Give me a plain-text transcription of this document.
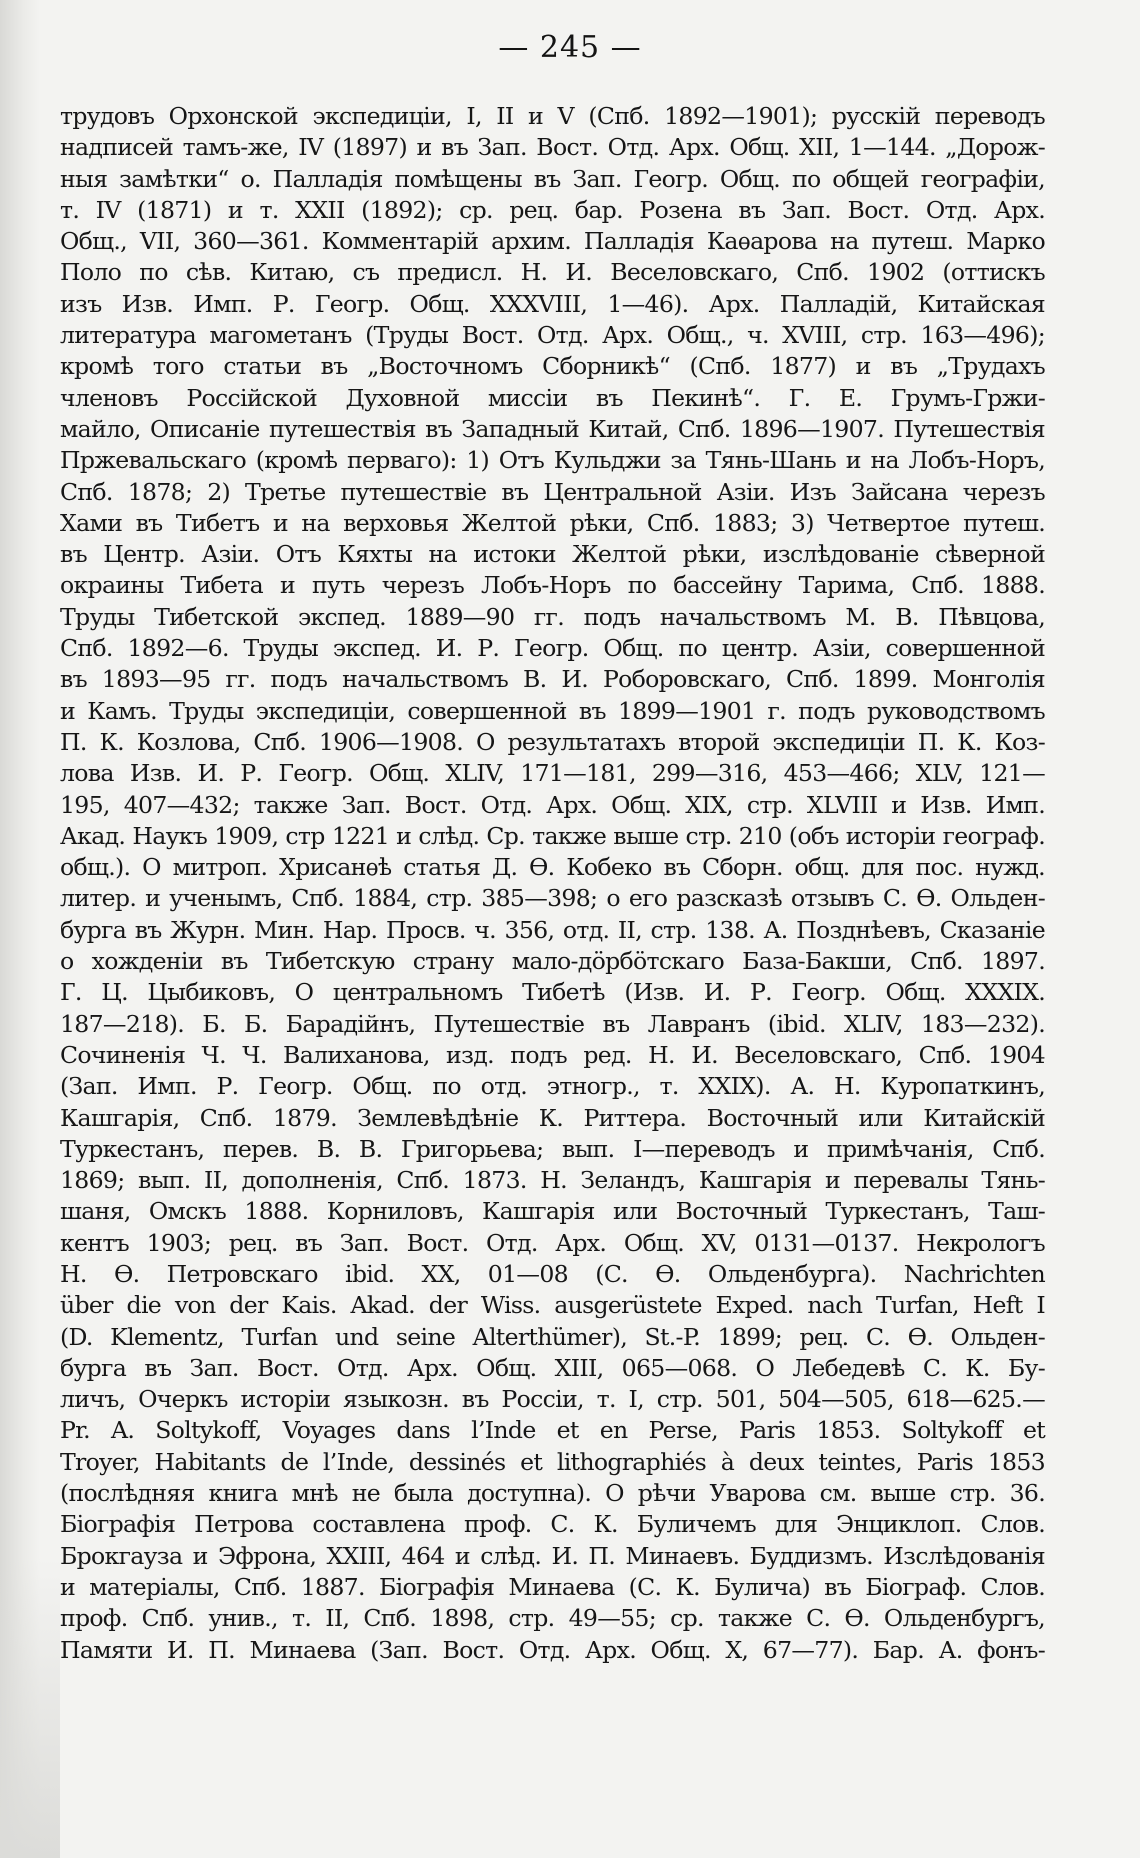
— 245 —
трудовъ Орхонской экспедиціи, I, II и V (Спб. 1892—1901); русскій переводъ
надписей тамъ-же, IV (1897) и въ Зап. Вост. Отд. Арх. Общ. XII, 1—144. „Дорож-
ныя замѣтки“ о. Палладія помѣщены въ Зап. Геогр. Общ. по общей географіи,
т. IV (1871) и т. XXII (1892); ср. рец. бар. Розена въ Зап. Вост. Отд. Арх.
Общ., VII, 360—361. Комментарій архим. Палладія Каѳарова на путеш. Марко
Поло по сѣв. Китаю, съ предисл. Н. И. Веселовскаго, Спб. 1902 (оттискъ
изъ Изв. Имп. Р. Геогр. Общ. XXXVIII, 1—46). Арх. Палладій, Китайская
литература магометанъ (Труды Вост. Отд. Арх. Общ., ч. XVIII, стр. 163—496);
кромѣ того статьи въ „Восточномъ Сборникѣ“ (Спб. 1877) и въ „Трудахъ
членовъ Россійской Духовной миссіи въ Пекинѣ“. Г. Е. Грумъ-Гржи-
майло, Описаніе путешествія въ Западный Китай, Спб. 1896—1907. Путешествія
Пржевальскаго (кромѣ перваго): 1) Отъ Кульджи за Тянь-Шань и на Лобъ-Норъ,
Спб. 1878; 2) Третье путешествіе въ Центральной Азіи. Изъ Зайсана черезъ
Хами въ Тибетъ и на верховья Желтой рѣки, Спб. 1883; 3) Четвертое путеш.
въ Центр. Азіи. Отъ Кяхты на истоки Желтой рѣки, изслѣдованіе сѣверной
окраины Тибета и путь черезъ Лобъ-Норъ по бассейну Тарима, Спб. 1888.
Труды Тибетской экспед. 1889—90 гг. подъ начальствомъ М. В. Пѣвцова,
Спб. 1892—6. Труды экспед. И. Р. Геогр. Общ. по центр. Азіи, совершенной
въ 1893—95 гг. подъ начальствомъ В. И. Роборовскаго, Спб. 1899. Монголія
и Камъ. Труды экспедиціи, совершенной въ 1899—1901 г. подъ руководствомъ
П. К. Козлова, Спб. 1906—1908. О результатахъ второй экспедиціи П. К. Коз-
лова Изв. И. Р. Геогр. Общ. XLIV, 171—181, 299—316, 453—466; XLV, 121—
195, 407—432; также Зап. Вост. Отд. Арх. Общ. XIX, стр. XLVIII и Изв. Имп.
Акад. Наукъ 1909, стр 1221 и слѣд. Ср. также выше стр. 210 (объ исторіи географ.
общ.). О митроп. Хрисанѳѣ статья Д. Ѳ. Кобеко въ Сборн. общ. для пос. нужд.
литер. и ученымъ, Спб. 1884, стр. 385—398; о его разсказѣ отзывъ С. Ѳ. Ольден-
бурга въ Журн. Мин. Нар. Просв. ч. 356, отд. II, стр. 138. А. Позднѣевъ, Сказаніе
о хожденіи въ Тибетскую страну мало-дӧрбӧтскаго База-Бакши, Спб. 1897.
Г. Ц. Цыбиковъ, О центральномъ Тибетѣ (Изв. И. Р. Геогр. Общ. XXXIX.
187—218). Б. Б. Барадійнъ, Путешествіе въ Лавранъ (ibid. XLIV, 183—232).
Сочиненія Ч. Ч. Валиханова, изд. подъ ред. Н. И. Веселовскаго, Спб. 1904
(Зап. Имп. Р. Геогр. Общ. по отд. этногр., т. XXIX). А. Н. Куропаткинъ,
Кашгарія, Спб. 1879. Землевѣдѣніе К. Риттера. Восточный или Китайскій
Туркестанъ, перев. В. В. Григорьева; вып. I—переводъ и примѣчанія, Спб.
1869; вып. II, дополненія, Спб. 1873. Н. Зеландъ, Кашгарія и перевалы Тянь-
шаня, Омскъ 1888. Корниловъ, Кашгарія или Восточный Туркестанъ, Таш-
кентъ 1903; рец. въ Зап. Вост. Отд. Арх. Общ. XV, 0131—0137. Некрологъ
Н. Ѳ. Петровскаго ibid. XX, 01—08 (С. Ѳ. Ольденбурга). Nachrichten
über die von der Kais. Akad. der Wiss. ausgerüstete Exped. nach Turfan, Heft I
(D. Klementz, Turfan und seine Alterthümer), St.-P. 1899; рец. С. Ѳ. Ольден-
бурга въ Зап. Вост. Отд. Арх. Общ. XIII, 065—068. О Лебедевѣ С. К. Бу-
личъ, Очеркъ исторіи языкозн. въ Россіи, т. I, стр. 501, 504—505, 618—625.—
Pr. A. Soltykoff, Voyages dans l’Inde et en Perse, Paris 1853. Soltykoff et
Troyer, Habitants de l’Inde, dessinés et lithographiés à deux teintes, Paris 1853
(послѣдняя книга мнѣ не была доступна). О рѣчи Уварова см. выше стр. 36.
Біографія Петрова составлена проф. С. К. Буличемъ для Энциклоп. Слов.
Брокгауза и Эфрона, XXIII, 464 и слѣд. И. П. Минаевъ. Буддизмъ. Изслѣдованія
и матеріалы, Спб. 1887. Біографія Минаева (С. К. Булича) въ Біограф. Слов.
проф. Спб. унив., т. II, Спб. 1898, стр. 49—55; ср. также С. Ѳ. Ольденбургъ,
Памяти И. П. Минаева (Зап. Вост. Отд. Арх. Общ. X, 67—77). Бар. А. фонъ-
